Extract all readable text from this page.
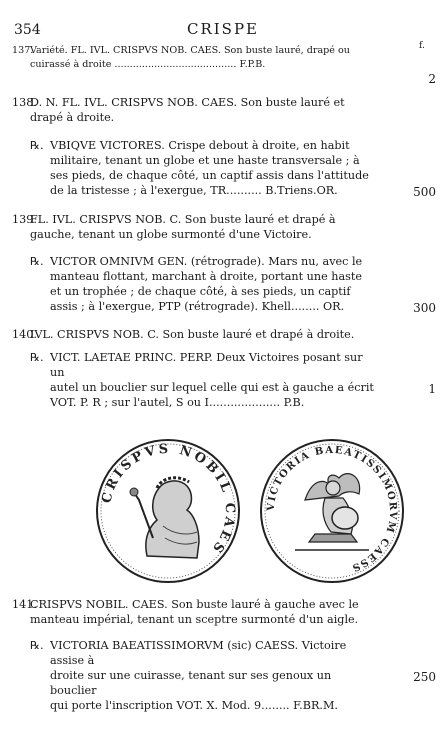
354	CRISPE
f.
137.
Variété. FL. IVL. CRISPVS NOB. CAES. Son buste lauré, drapé ou
cuirassé à droite ........................................ F.P.B.
2
138.
D. N. FL. IVL. CRISPVS NOB. CAES. Son buste lauré et
drapé à droite.
℞. VBIQVE VICTORES. Crispe debout à droite, en habit
militaire, tenant un globe et une haste transversale ; à
ses pieds, de chaque côté, un captif assis dans l'attitude
de la tristesse ; à l'exergue, TR.......... B.Triens.OR.	500
139.
FL. IVL. CRISPVS NOB. C. Son buste lauré et drapé à
gauche, tenant un globe surmonté d'une Victoire.
℞. VICTOR OMNIVM GEN. (rétrograde). Mars nu, avec le
manteau flottant, marchant à droite, portant une haste
et un trophée ; de chaque côté, à ses pieds, un captif
assis ; à l'exergue, PTP (rétrograde). Khell........ OR.	300
140.
IVL. CRISPVS NOB. C. Son buste lauré et drapé à droite.
℞. VICT. LAETAE PRINC. PERP. Deux Victoires posant sur un
autel un bouclier sur lequel celle qui est à gauche a écrit
VOT. P. R ; sur l'autel, S ou I.................... P.B.
1
CRISPVS NOBIL CAES
VICTORIA BAEATISSIMORVM CAESS
141.
CRISPVS NOBIL. CAES. Son buste lauré à gauche avec le
manteau impérial, tenant un sceptre surmonté d'un aigle.
℞. VICTORIA BAEATISSIMORVM (sic) CAESS. Victoire assise à
droite sur une cuirasse, tenant sur ses genoux un bouclier
qui porte l'inscription VOT. X. Mod. 9........ F.BR.M.
250
